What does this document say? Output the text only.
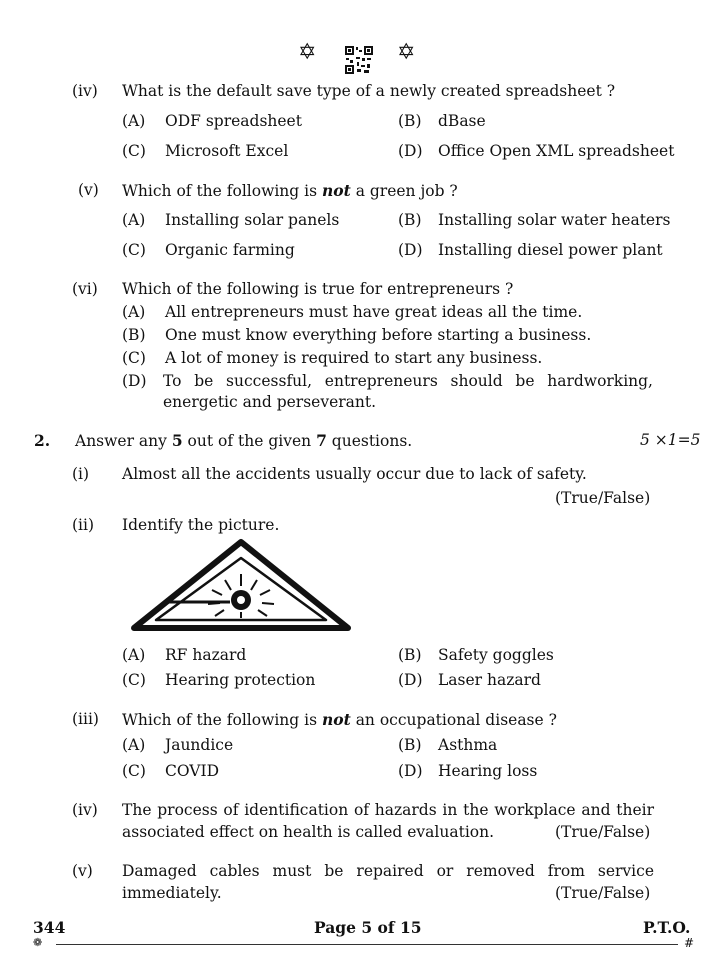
✡	✡
(iv) What is the default save type of a newly created spreadsheet ?
(A) ODF spreadsheet	(B) dBase
(C) Microsoft Excel	(D) Office Open XML spreadsheet
(v) Which of the following is not a green job ?
(A) Installing solar panels	(B) Installing solar water heaters
(C) Organic farming	(D) Installing diesel power plant
(vi) Which of the following is true for entrepreneurs ?
(A) All entrepreneurs must have great ideas all the time.
(B) One must know everything before starting a business.
(C) A lot of money is required to start any business.
(D) To be successful, entrepreneurs should be hardworking,
energetic and perseverant.
2. Answer any 5 out of the given 7 questions.	5 ×1=5
(i) Almost all the accidents usually occur due to lack of safety.
(True/False)
(ii) Identify the picture.
(A) RF hazard	(B) Safety goggles
(C) Hearing protection	(D) Laser hazard
(iii) Which of the following is not an occupational disease ?
(A) Jaundice	(B) Asthma
(C) COVID	(D) Hearing loss
(iv) The process of identification of hazards in the workplace and their
associated effect on health is called evaluation.	(True/False)
(v) Damaged cables must be repaired or removed from service
immediately.	(True/False)
344	Page 5 of 15	P.T.O.
❁	#
